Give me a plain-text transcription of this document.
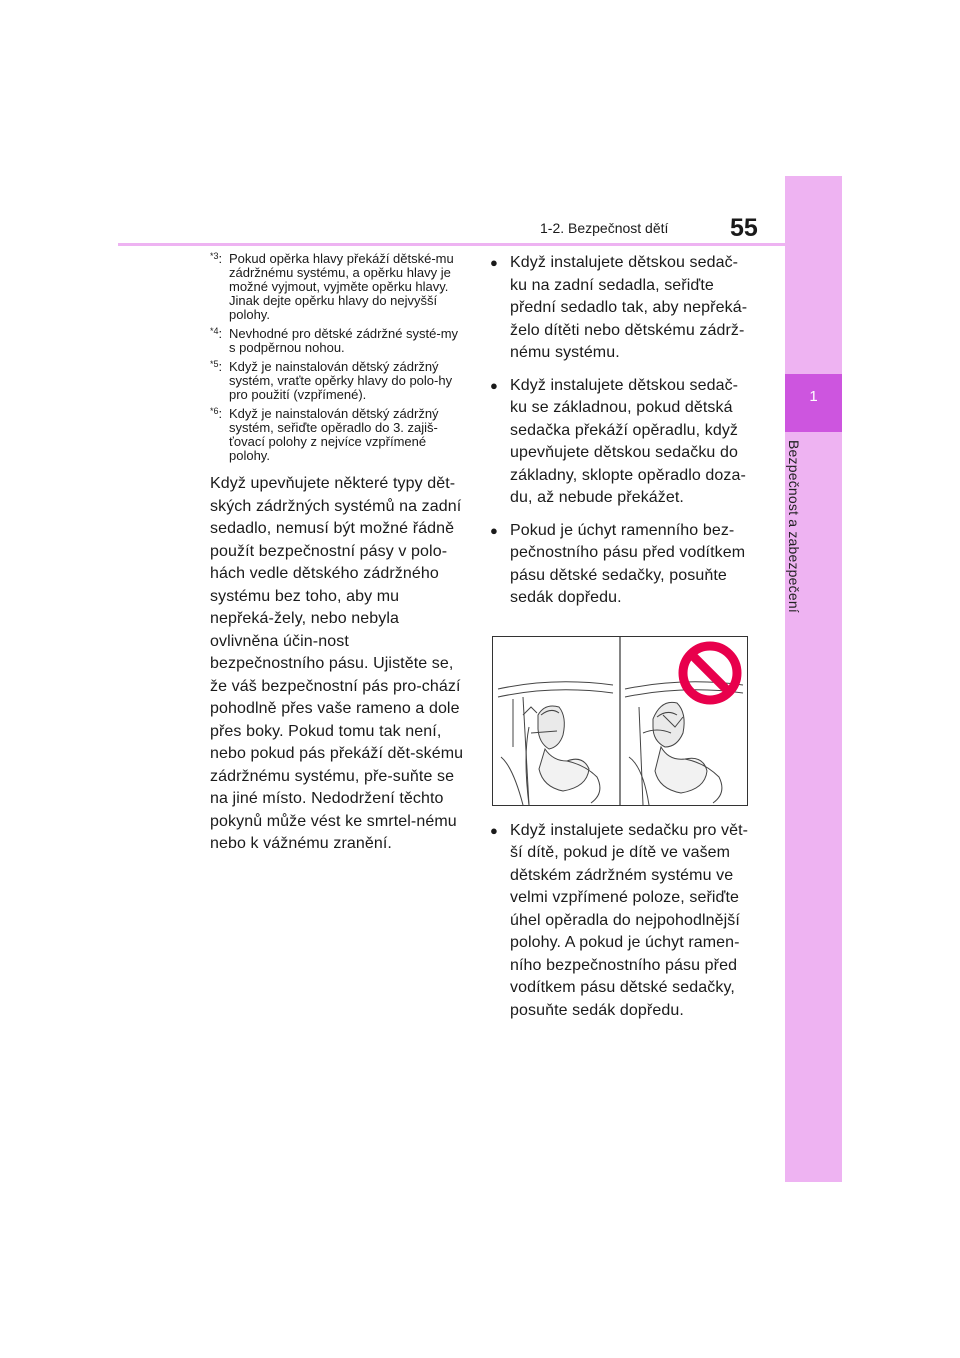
1
Bezpečnost a zabezpečení
1-2. Bezpečnost dětí 55
$^{*3}$: Pokud opěrka hlavy překáží dětské-mu zádržnému systému, a opěrku hlavy je možné vyjmout, vyjměte opěrku hlavy.
Jinak dejte opěrku hlavy do nejvyšší polohy.
$^{*4}$: Nevhodné pro dětské zádržné systé-my s podpěrnou nohou.
$^{*5}$: Když je nainstalován dětský zádržný systém, vraťte opěrky hlavy do polo-hy pro použití (vzpřímené).
$^{*6}$: Když je nainstalován dětský zádržný systém, seřiďte opěradlo do 3. zajiš-ťovací polohy z nejvíce vzpřímené polohy.
Když upevňujete některé typy dět-ských zádržných systémů na zadní sedadlo, nemusí být možné řádně použít bezpečnostní pásy v polo-hách vedle dětského zádržného systému bez toho, aby mu nepřeká-žely, nebo nebyla ovlivněna účin-nost bezpečnostního pásu. Ujistěte se, že váš bezpečnostní pás pro-chází pohodlně přes vaše rameno a dole přes boky. Pokud tomu tak není, nebo pokud pás překáží dět-skému zádržnému systému, pře-suňte se na jiné místo. Nedodržení těchto pokynů může vést ke smrtel-nému nebo k vážnému zranění.
● Když instalujete dětskou sedač-ku na zadní sedadla, seřiďte přední sedadlo tak, aby nepřeká-želo dítěti nebo dětskému zádrž-nému systému.
● Když instalujete dětskou sedač-ku se základnou, pokud dětská sedačka překáží opěradlu, když upevňujete dětskou sedačku do základny, sklopte opěradlo doza-du, až nebude překážet.
● Pokud je úchyt ramenního bez-pečnostního pásu před vodítkem pásu dětské sedačky, posuňte sedák dopředu.
● Když instalujete sedačku pro vět-ší dítě, pokud je dítě ve vašem dětském zádržném systému ve velmi vzpřímené poloze, seřiďte úhel opěradla do nejpohodlnější polohy. A pokud je úchyt ramen-ního bezpečnostního pásu před vodítkem pásu dětské sedačky, posuňte sedák dopředu.
